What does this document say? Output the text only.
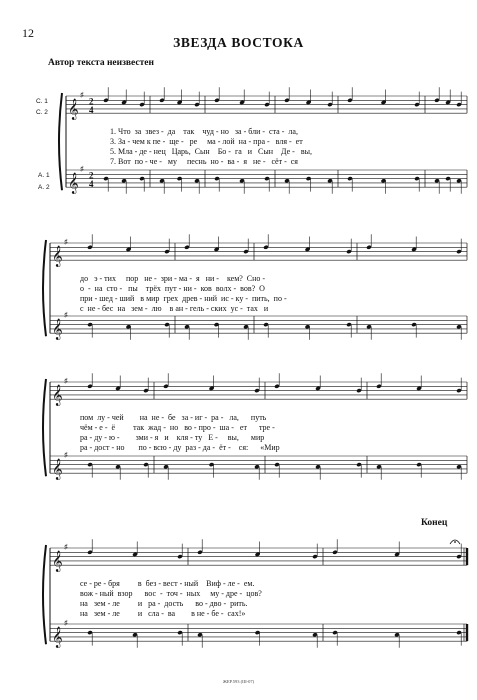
12
ЗВЕЗДА ВОСТОКА
Автор текста неизвестен
Конец
С. 1
С. 2
А. 1
А. 2
𝄞
♯
2
4
𝄞
♯
2
4
𝄞
♯
𝄞
♯
𝄞
♯
𝄞
♯
𝄞
♯
𝄞
♯
1. Что  за  звез -  да    так    чуд - но   за - бли -  ста -  ла,
3. За - чем к пе -  ще -   ре     ма - лой  на - пра -   вля -  ет
5. Мла - де - нец   Царь,  Сын    Бо -  га   и   Сын    Де -   вы,
7. Вот  по - че -   му     песнь  но -  ва -  я   не -   сёт -  ся
до   э - тих     пор   не -  зри - ма -  я   ни -    кем?  Сно -
о  -  на  сто -   пы    трёх  пут - ни -  ков  волх -  вов?  О
при - шед - ший   в мир  грех  древ - ний  ис - ку -  пить,  по -
с  не - бес  на   зем -  лю    в ан - гель - ских  ус -  тах   и
пом  лу - чей        на  не -  бе   за - иг -  ра -   ла,      путь
чём - е -  ё         так  жад -  но   во - про -  ша -   ет      тре -
ра - ду - ю -        зми - я   и    кля - ту   Е -     вы,      мир
ра - дост - но       по - всю - ду  раз - да -  ёт -    ся:      «Мир
се - ре - бря         в  без - вест - ный    Виф - ле -  ем.
вож - ный  взор      вос  -  точ -  ных     му - дре -  цов?
на   зем - ле         и   ра -  дость      во - дво -  рить.
на   зем - ле         и   сла -  ва        в не - бе -  сах!»
ЖЕР.593 (Ш-07)
